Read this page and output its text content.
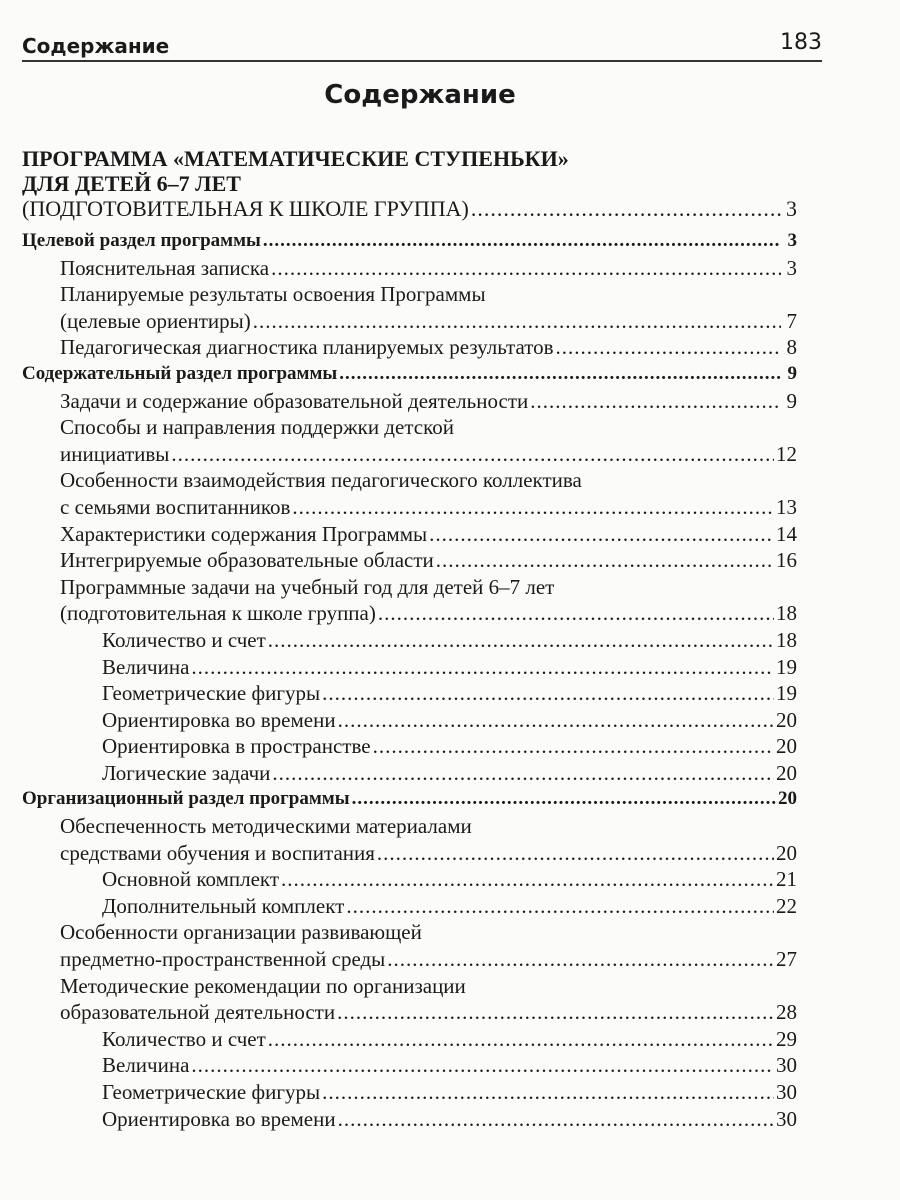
Содержание	183
Содержание
ПРОГРАММА «МАТЕМАТИЧЕСКИЕ СТУПЕНЬКИ»
ДЛЯ ДЕТЕЙ 6–7 ЛЕТ
(ПОДГОТОВИТЕЛЬНАЯ К ШКОЛЕ ГРУППА) .....	3
Целевой раздел программы .....	3
Пояснительная записка .....	3
Планируемые результаты освоения Программы
(целевые ориентиры) .....	7
Педагогическая диагностика планируемых результатов .....	8
Содержательный раздел программы .....	9
Задачи и содержание образовательной деятельности .....	9
Способы и направления поддержки детской
инициативы .....	12
Особенности взаимодействия педагогического коллектива
с семьями воспитанников .....	13
Характеристики содержания Программы .....	14
Интегрируемые образовательные области .....	16
Программные задачи на учебный год для детей 6–7 лет
(подготовительная к школе группа) .....	18
Количество и счет .....	18
Величина .....	19
Геометрические фигуры .....	19
Ориентировка во времени .....	20
Ориентировка в пространстве .....	20
Логические задачи .....	20
Организационный раздел программы .....	20
Обеспеченность методическими материалами
средствами обучения и воспитания .....	20
Основной комплект .....	21
Дополнительный комплект .....	22
Особенности организации развивающей
предметно-пространственной среды .....	27
Методические рекомендации по организации
образовательной деятельности .....	28
Количество и счет .....	29
Величина .....	30
Геометрические фигуры .....	30
Ориентировка во времени .....	30
